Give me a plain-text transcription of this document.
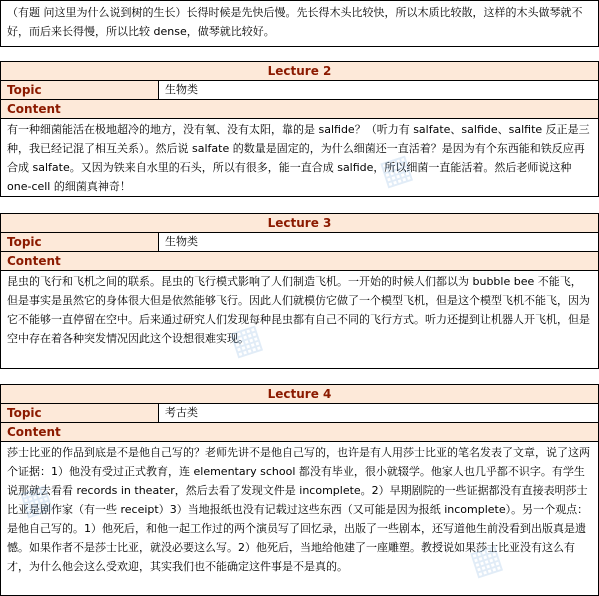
（有题 问这里为什么说到树的生长）长得时候是先快后慢。先长得木头比较快，所以木质比较散，这样的木头做琴就不好，而后来长得慢，所以比较 dense，做琴就比较好。
Lecture 2
Topic	生物类
Content
有一种细菌能活在极地超冷的地方，没有氧、没有太阳，靠的是 salfide？（听力有 salfate、salfide、salfite 反正是三种，我已经记混了相互关系）。然后说 salfate 的数量是固定的，为什么细菌还一直活着？是因为有个东西能和铁反应再合成 salfate。又因为铁来自水里的石头，所以有很多，能一直合成 salfide，所以细菌一直能活着。然后老师说这种 one-cell 的细菌真神奇！
Lecture 3
Topic	生物类
Content
昆虫的飞行和飞机之间的联系。昆虫的飞行模式影响了人们制造飞机。一开始的时候人们都以为 bubble bee 不能飞，但是事实是虽然它的身体很大但是依然能够飞行。因此人们就模仿它做了一个模型飞机，但是这个模型飞机不能飞，因为它不能够一直停留在空中。后来通过研究人们发现每种昆虫都有自己不同的飞行方式。听力还提到让机器人开飞机，但是空中存在着各种突发情况因此这个设想很难实现。
Lecture 4
Topic	考古类
Content
莎士比亚的作品到底是不是他自己写的？老师先讲不是他自己写的，也许是有人用莎士比亚的笔名发表了文章，说了这两个证据：1）他没有受过正式教育，连 elementary school 都没有毕业，很小就辍学。他家人也几乎都不识字。有学生说那就去看看 records in theater，然后去看了发现文件是 incomplete。2）早期剧院的一些证据都没有直接表明莎士比亚是剧作家（有一些 receipt）3）当地报纸也没有记载过这些东西（又可能是因为报纸 incomplete）。另一个观点：是他自己写的。1）他死后，和他一起工作过的两个演员写了回忆录，出版了一些剧本，还写道他生前没看到出版真是遗憾。如果作者不是莎士比亚，就没必要这么写。2）他死后，当地给他建了一座雕塑。教授说如果莎士比亚没有这么有才，为什么他会这么受欢迎，其实我们也不能确定这件事是不是真的。
▦
▦
▦
▦
